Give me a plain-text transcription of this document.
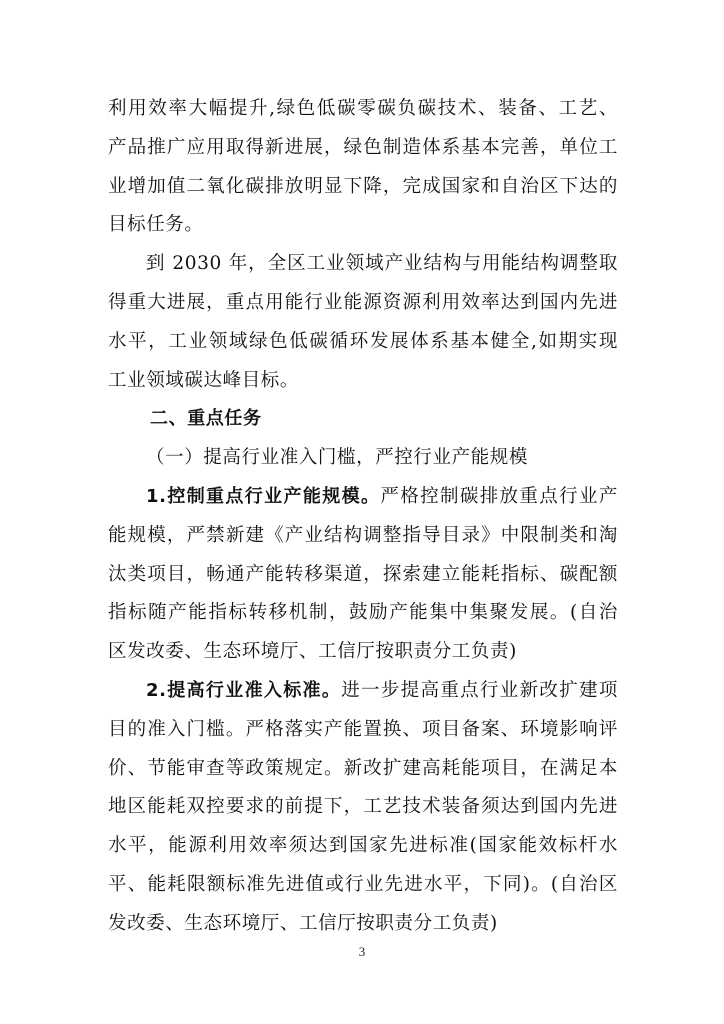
利用效率大幅提升,绿色低碳零碳负碳技术、装备、工艺、
产品推广应用取得新进展，绿色制造体系基本完善，单位工
业增加值二氧化碳排放明显下降，完成国家和自治区下达的
目标任务。
到 2030 年，全区工业领域产业结构与用能结构调整取
得重大进展，重点用能行业能源资源利用效率达到国内先进
水平，工业领域绿色低碳循环发展体系基本健全,如期实现
工业领域碳达峰目标。
二、重点任务
（一）提高行业准入门槛，严控行业产能规模
1.控制重点行业产能规模。严格控制碳排放重点行业产
能规模，严禁新建《产业结构调整指导目录》中限制类和淘
汰类项目，畅通产能转移渠道，探索建立能耗指标、碳配额
指标随产能指标转移机制，鼓励产能集中集聚发展。(自治
区发改委、生态环境厅、工信厅按职责分工负责)
2.提高行业准入标准。进一步提高重点行业新改扩建项
目的准入门槛。严格落实产能置换、项目备案、环境影响评
价、节能审查等政策规定。新改扩建高耗能项目，在满足本
地区能耗双控要求的前提下，工艺技术装备须达到国内先进
水平，能源利用效率须达到国家先进标准(国家能效标杆水
平、能耗限额标准先进值或行业先进水平，下同)。(自治区
发改委、生态环境厅、工信厅按职责分工负责)
3
